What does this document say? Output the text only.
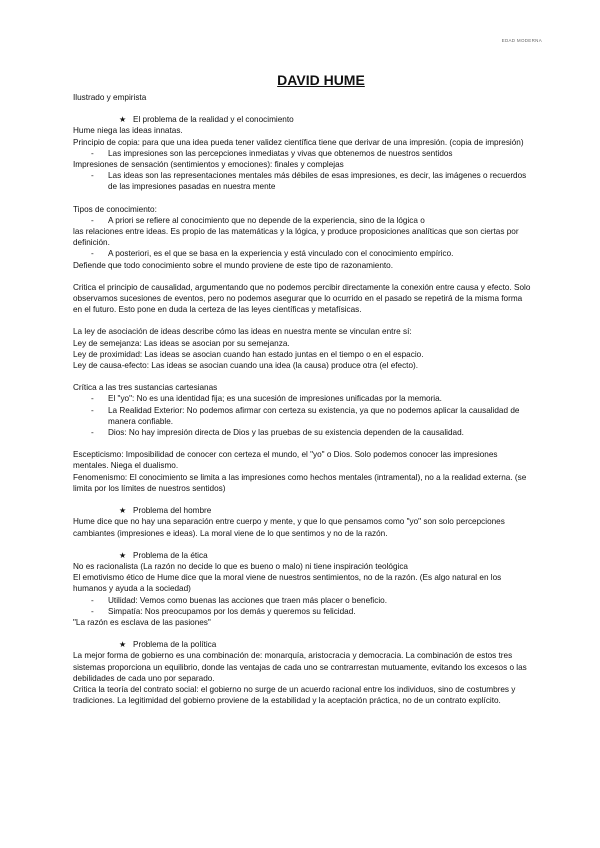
EDAD MODERNA
DAVID HUME

Ilustrado y empirista

★ El problema de la realidad y el conocimiento

Hume niega las ideas innatas.

Principio de copia: para que una idea pueda tener validez científica tiene que derivar de una impresión. (copia de impresión)

- Las impresiones son las percepciones inmediatas y vivas que obtenemos de nuestros sentidos

Impresiones de sensación (sentimientos y emociones): finales y complejas

- Las ideas son las representaciones mentales más débiles de esas impresiones, es decir, las imágenes o recuerdos de las impresiones pasadas en nuestra mente

Tipos de conocimiento:

- A priori se refiere al conocimiento que no depende de la experiencia, sino de la lógica o

las relaciones entre ideas. Es propio de las matemáticas y la lógica, y produce proposiciones analíticas que son ciertas por definición.

- A posteriori, es el que se basa en la experiencia y está vinculado con el conocimiento empírico.

Defiende que todo conocimiento sobre el mundo proviene de este tipo de razonamiento.

Critica el principio de causalidad, argumentando que no podemos percibir directamente la conexión entre causa y efecto. Solo observamos sucesiones de eventos, pero no podemos asegurar que lo ocurrido en el pasado se repetirá de la misma forma en el futuro. Esto pone en duda la certeza de las leyes científicas y metafísicas.

La ley de asociación de ideas describe cómo las ideas en nuestra mente se vinculan entre sí:

Ley de semejanza: Las ideas se asocian por su semejanza.

Ley de proximidad: Las ideas se asocian cuando han estado juntas en el tiempo o en el espacio.

Ley de causa-efecto: Las ideas se asocian cuando una idea (la causa) produce otra (el efecto).

Crítica a las tres sustancias cartesianas

- El "yo": No es una identidad fija; es una sucesión de impresiones unificadas por la memoria.
- La Realidad Exterior: No podemos afirmar con certeza su existencia, ya que no podemos aplicar la causalidad de manera confiable.
- Dios: No hay impresión directa de Dios y las pruebas de su existencia dependen de la causalidad.

Escepticismo: Imposibilidad de conocer con certeza el mundo, el "yo" o Dios. Solo podemos conocer las impresiones mentales. Niega el dualismo.

Fenomenismo: El conocimiento se limita a las impresiones como hechos mentales (intramental), no a la realidad externa. (se limita por los límites de nuestros sentidos)

★ Problema del hombre

Hume dice que no hay una separación entre cuerpo y mente, y que lo que pensamos como "yo" son solo percepciones cambiantes (impresiones e ideas). La moral viene de lo que sentimos y no de la razón.

★ Problema de la ética

No es racionalista (La razón no decide lo que es bueno o malo) ni tiene inspiración teológica

El emotivismo ético de Hume dice que la moral viene de nuestros sentimientos, no de la razón. (Es algo natural en los humanos y ayuda a la sociedad)

- Utilidad: Vemos como buenas las acciones que traen más placer o beneficio.
- Simpatía: Nos preocupamos por los demás y queremos su felicidad.

"La razón es esclava de las pasiones"

★ Problema de la política

La mejor forma de gobierno es una combinación de: monarquía, aristocracia y democracia. La combinación de estos tres sistemas proporciona un equilibrio, donde las ventajas de cada uno se contrarrestan mutuamente, evitando los excesos o las debilidades de cada uno por separado.

Critica la teoría del contrato social: el gobierno no surge de un acuerdo racional entre los individuos, sino de costumbres y tradiciones. La legitimidad del gobierno proviene de la estabilidad y la aceptación práctica, no de un contrato explícito.
